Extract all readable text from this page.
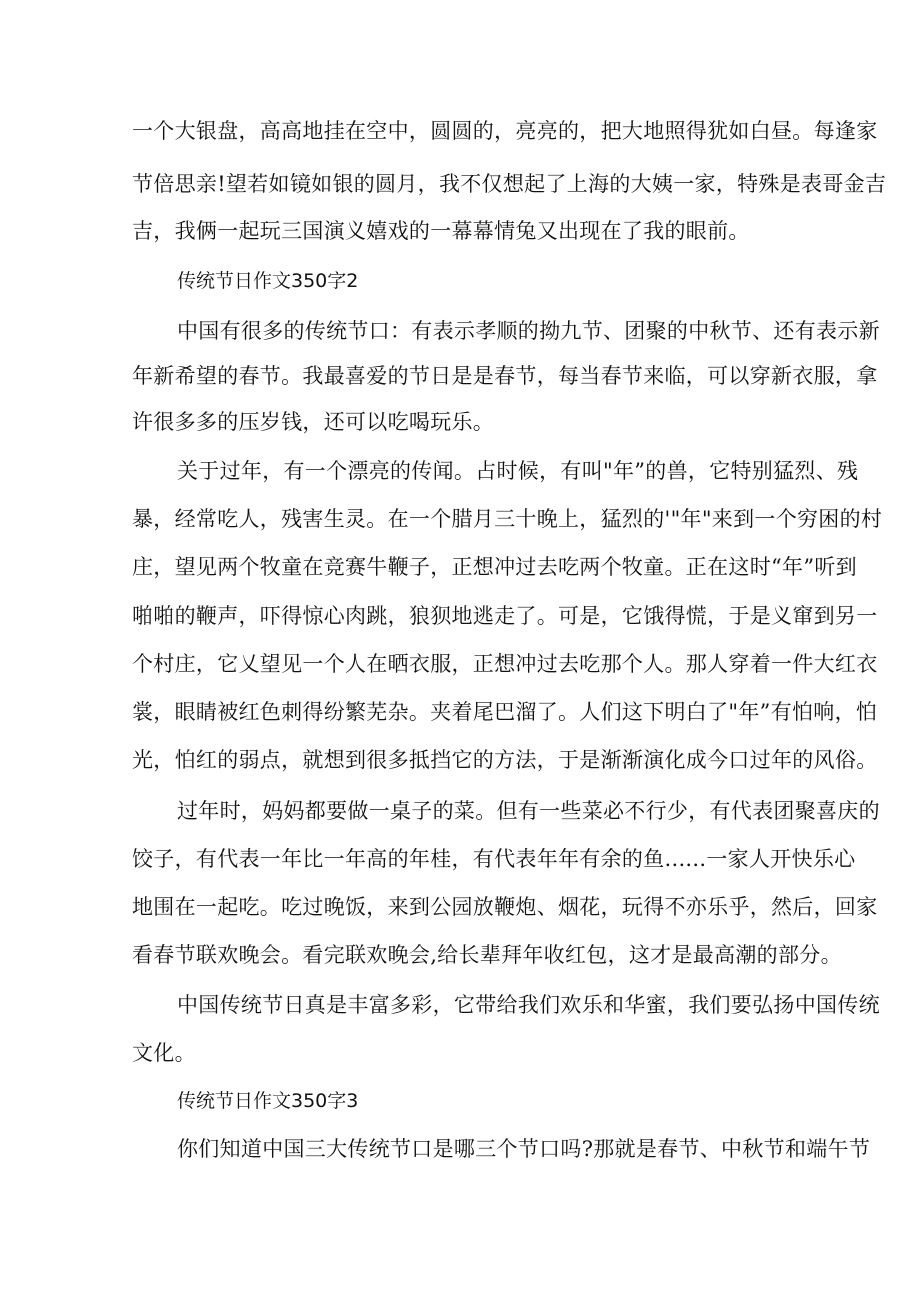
一个大银盘，高高地挂在空中，圆圆的，亮亮的，把大地照得犹如白昼。每逢家
节倍思亲!望若如镜如银的圆月，我不仅想起了上海的大姨一家，特殊是表哥金吉
吉，我俩一起玩三国演义嬉戏的一幕幕情兔又出现在了我的眼前。
传统节日作文350字2
中国有很多的传统节口：有表示孝顺的拗九节、团聚的中秋节、还有表示新
年新希望的春节。我最喜爱的节日是是春节，每当春节来临，可以穿新衣服，拿
许很多多的压岁钱，还可以吃喝玩乐。
关于过年，有一个漂亮的传闻。占时候，有叫"年”的兽，它特别猛烈、残
暴，经常吃人，残害生灵。在一个腊月三十晚上，猛烈的'"年"来到一个穷困的村
庄，望见两个牧童在竞赛牛鞭子，正想冲过去吃两个牧童。正在这时“年”听到
啪啪的鞭声，吓得惊心肉跳，狼狈地逃走了。可是，它饿得慌，于是义窜到另一
个村庄，它乂望见一个人在晒衣服，正想冲过去吃那个人。那人穿着一件大红衣
裳，眼睛被红色刺得纷繁芜杂。夹着尾巴溜了。人们这下明白了"年”有怕响，怕
光，怕红的弱点，就想到很多抵挡它的方法，于是渐渐演化成今口过年的风俗。
过年时，妈妈都要做一桌子的菜。但有一些菜必不行少，有代表团聚喜庆的
饺子，有代表一年比一年高的年桂，有代表年年有余的鱼......一家人开快乐心
地围在一起吃。吃过晚饭，来到公园放鞭炮、烟花，玩得不亦乐乎，然后，回家
看春节联欢晚会。看完联欢晚会,给长辈拜年收红包，这才是最高潮的部分。
中国传统节日真是丰富多彩，它带给我们欢乐和华蜜，我们要弘扬中国传统
文化。
传统节日作文350字3
你们知道中国三大传统节口是哪三个节口吗?那就是春节、中秋节和端午节
